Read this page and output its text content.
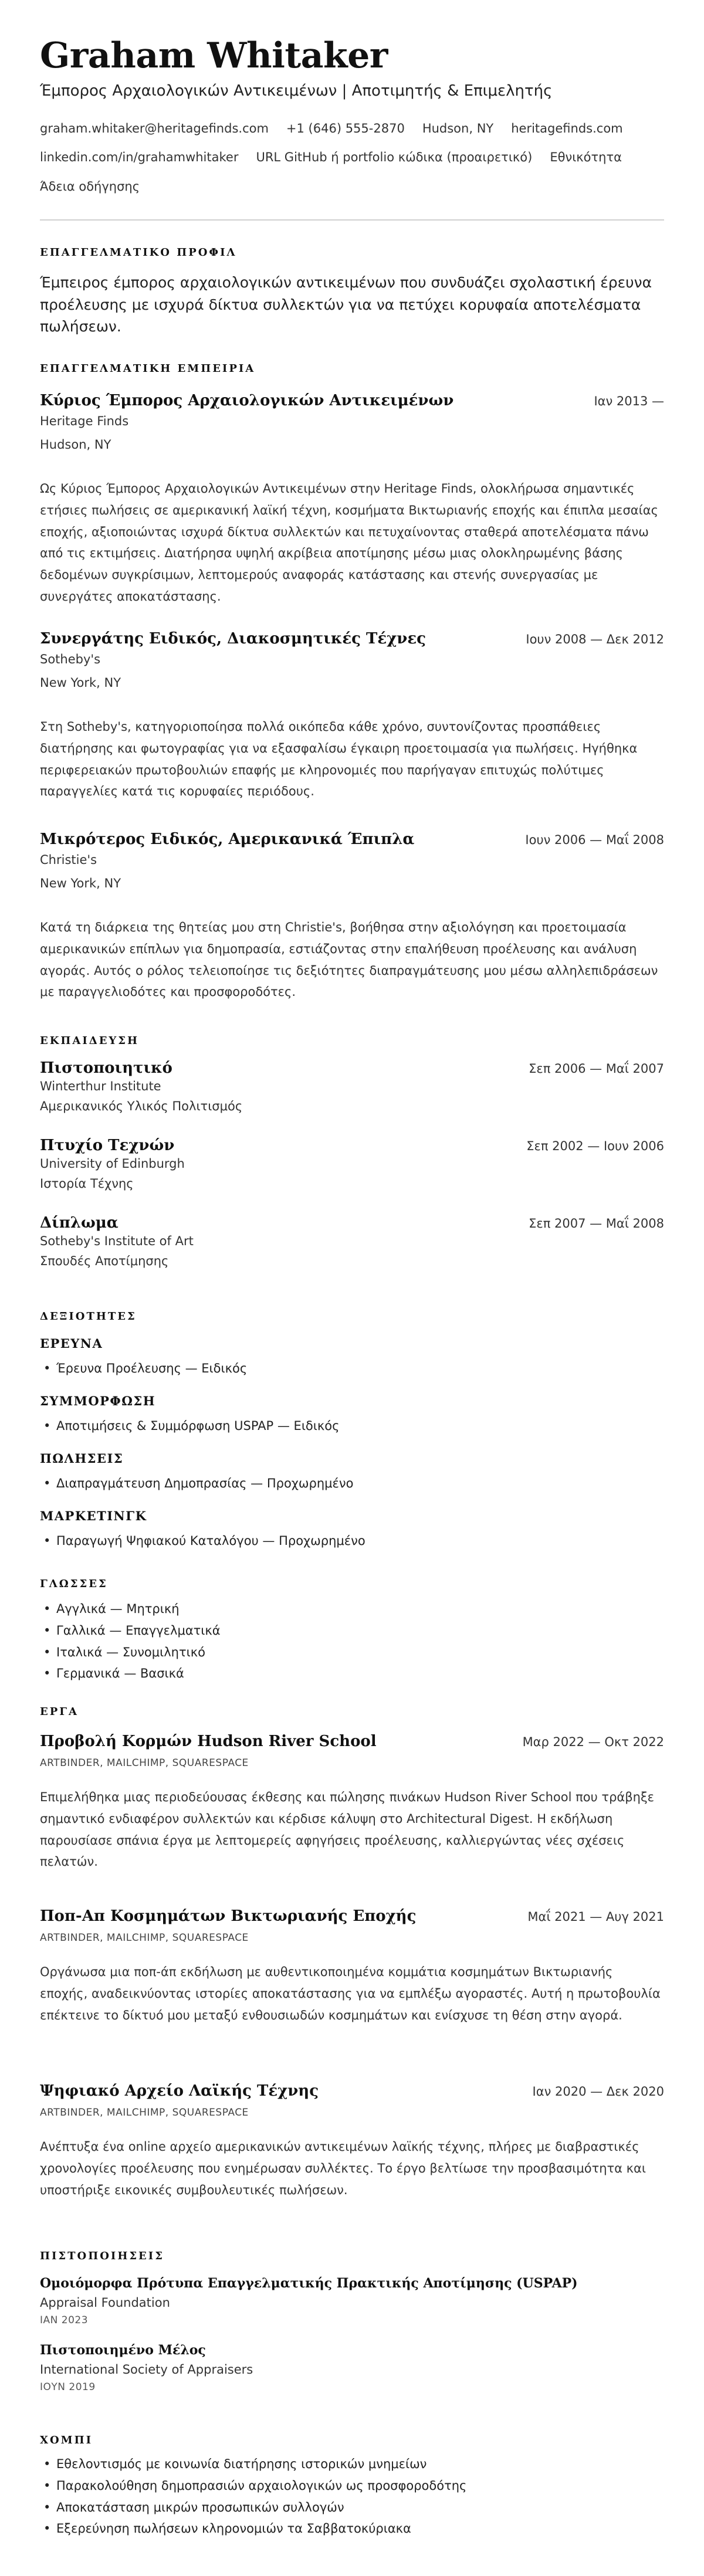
Graham Whitaker
Έμπορος Αρχαιολογικών Αντικειμένων | Αποτιμητής & Επιμελητής
graham.whitaker@heritagefinds.com +1 (646) 555-2870 Hudson, NY heritagefinds.com
linkedin.com/in/grahamwhitaker URL GitHub ή portfolio κώδικα (προαιρετικό) Εθνικότητα
Άδεια οδήγησης
ΕΠΑΓΓΕΛΜΑΤΙΚΟ ΠΡΟΦΙΛ
Έμπειρος έμπορος αρχαιολογικών αντικειμένων που συνδυάζει σχολαστική έρευνα προέλευσης με ισχυρά δίκτυα συλλεκτών για να πετύχει κορυφαία αποτελέσματα πωλήσεων.
ΕΠΑΓΓΕΛΜΑΤΙΚΗ ΕΜΠΕΙΡΙΑ
Κύριος Έμπορος Αρχαιολογικών Αντικειμένων	Ιαν 2013 —
Heritage Finds
Hudson, NY
Ως Κύριος Έμπορος Αρχαιολογικών Αντικειμένων στην Heritage Finds, ολοκλήρωσα σημαντικές ετήσιες πωλήσεις σε αμερικανική λαϊκή τέχνη, κοσμήματα Βικτωριανής εποχής και έπιπλα μεσαίας εποχής, αξιοποιώντας ισχυρά δίκτυα συλλεκτών και πετυχαίνοντας σταθερά αποτελέσματα πάνω από τις εκτιμήσεις. Διατήρησα υψηλή ακρίβεια αποτίμησης μέσω μιας ολοκληρωμένης βάσης δεδομένων συγκρίσιμων, λεπτομερούς αναφοράς κατάστασης και στενής συνεργασίας με συνεργάτες αποκατάστασης.
Συνεργάτης Ειδικός, Διακοσμητικές Τέχνες	Ιουν 2008 — Δεκ 2012
Sotheby's
New York, NY
Στη Sotheby's, κατηγοριοποίησα πολλά οικόπεδα κάθε χρόνο, συντονίζοντας προσπάθειες διατήρησης και φωτογραφίας για να εξασφαλίσω έγκαιρη προετοιμασία για πωλήσεις. Ηγήθηκα περιφερειακών πρωτοβουλιών επαφής με κληρονομιές που παρήγαγαν επιτυχώς πολύτιμες παραγγελίες κατά τις κορυφαίες περιόδους.
Μικρότερος Ειδικός, Αμερικανικά Έπιπλα	Ιουν 2006 — Μαΐ 2008
Christie's
New York, NY
Κατά τη διάρκεια της θητείας μου στη Christie's, βοήθησα στην αξιολόγηση και προετοιμασία αμερικανικών επίπλων για δημοπρασία, εστιάζοντας στην επαλήθευση προέλευσης και ανάλυση αγοράς. Αυτός ο ρόλος τελειοποίησε τις δεξιότητες διαπραγμάτευσης μου μέσω αλληλεπιδράσεων με παραγγελιοδότες και προσφοροδότες.
ΕΚΠΑΙΔΕΥΣΗ
Πιστοποιητικό	Σεπ 2006 — Μαΐ 2007
Winterthur Institute
Αμερικανικός Υλικός Πολιτισμός
Πτυχίο Τεχνών	Σεπ 2002 — Ιουν 2006
University of Edinburgh
Ιστορία Τέχνης
Δίπλωμα	Σεπ 2007 — Μαΐ 2008
Sotheby's Institute of Art
Σπουδές Αποτίμησης
ΔΕΞΙΟΤΗΤΕΣ
ΕΡΕΥΝΑ
• Έρευνα Προέλευσης — Ειδικός
ΣΥΜΜΟΡΦΩΣΗ
• Αποτιμήσεις & Συμμόρφωση USPAP — Ειδικός
ΠΩΛΗΣΕΙΣ
• Διαπραγμάτευση Δημοπρασίας — Προχωρημένο
ΜΑΡΚΕΤΙΝΓΚ
• Παραγωγή Ψηφιακού Καταλόγου — Προχωρημένο
ΓΛΩΣΣΕΣ
• Αγγλικά — Μητρική
• Γαλλικά — Επαγγελματικά
• Ιταλικά — Συνομιλητικό
• Γερμανικά — Βασικά
ΕΡΓΑ
Προβολή Κορμών Hudson River School	Μαρ 2022 — Οκτ 2022
ARTBINDER, MAILCHIMP, SQUARESPACE
Επιμελήθηκα μιας περιοδεύουσας έκθεσης και πώλησης πινάκων Hudson River School που τράβηξε σημαντικό ενδιαφέρον συλλεκτών και κέρδισε κάλυψη στο Architectural Digest. Η εκδήλωση παρουσίασε σπάνια έργα με λεπτομερείς αφηγήσεις προέλευσης, καλλιεργώντας νέες σχέσεις πελατών.
Ποπ-Απ Κοσμημάτων Βικτωριανής Εποχής	Μαΐ 2021 — Αυγ 2021
ARTBINDER, MAILCHIMP, SQUARESPACE
Οργάνωσα μια ποπ-άπ εκδήλωση με αυθεντικοποιημένα κομμάτια κοσμημάτων Βικτωριανής εποχής, αναδεικνύοντας ιστορίες αποκατάστασης για να εμπλέξω αγοραστές. Αυτή η πρωτοβουλία επέκτεινε το δίκτυό μου μεταξύ ενθουσιωδών κοσμημάτων και ενίσχυσε τη θέση στην αγορά.
Ψηφιακό Αρχείο Λαϊκής Τέχνης	Ιαν 2020 — Δεκ 2020
ARTBINDER, MAILCHIMP, SQUARESPACE
Ανέπτυξα ένα online αρχείο αμερικανικών αντικειμένων λαϊκής τέχνης, πλήρες με διαβραστικές χρονολογίες προέλευσης που ενημέρωσαν συλλέκτες. Το έργο βελτίωσε την προσβασιμότητα και υποστήριξε εικονικές συμβουλευτικές πωλήσεων.
ΠΙΣΤΟΠΟΙΗΣΕΙΣ
Ομοιόμορφα Πρότυπα Επαγγελματικής Πρακτικής Αποτίμησης (USPAP)
Appraisal Foundation
ΙΑΝ 2023
Πιστοποιημένο Μέλος
International Society of Appraisers
ΙΟΥΝ 2019
ΧΟΜΠΙ
• Εθελοντισμός με κοινωνία διατήρησης ιστορικών μνημείων
• Παρακολούθηση δημοπρασιών αρχαιολογικών ως προσφοροδότης
• Αποκατάσταση μικρών προσωπικών συλλογών
• Εξερεύνηση πωλήσεων κληρονομιών τα Σαββατοκύριακα
